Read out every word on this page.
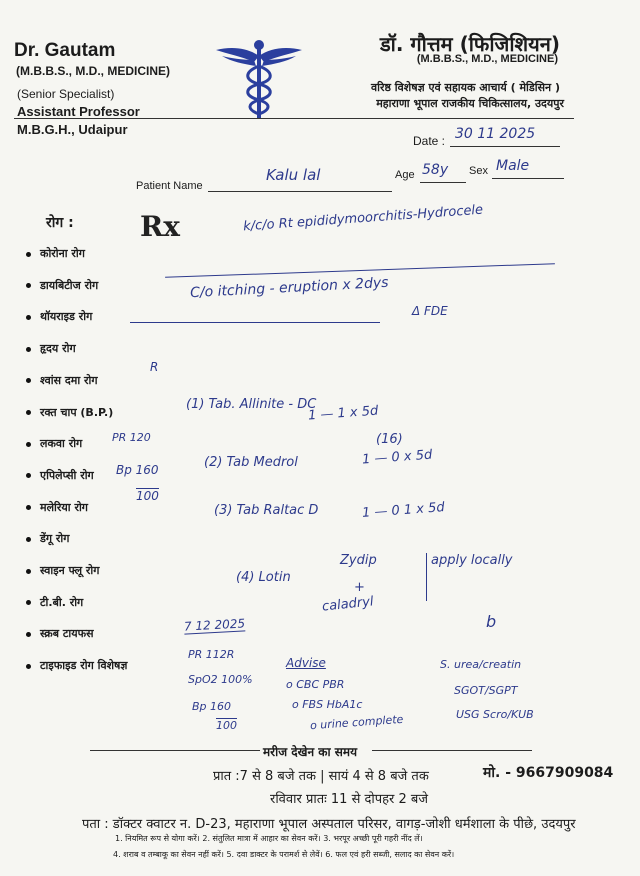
Dr. Gautam
(M.B.B.S., M.D., MEDICINE)
(Senior Specialist)
Assistant Professor
M.B.G.H., Udaipur
डॉ. गौत्तम (फिजिशियन)
(M.B.B.S., M.D., MEDICINE)
वरिष्ठ विशेषज्ञ एवं सहायक आचार्य ( मेडिसिन )
महाराणा भूपाल राजकीय चिकित्सालय, उदयपुर
Date : 30 11 2025
Patient Name
Kalu lal	Age 58y Sex Male
रोग :
कोरोना रोग
डायबिटीज रोग
थॉयराइड रोग
हृदय रोग
श्वांस दमा रोग
रक्त चाप (B.P.)
लकवा रोग
एपिलेप्सी रोग
मलेरिया रोग
डेंगू रोग
स्वाइन फ्लू रोग
टी.बी. रोग
स्क्रब टायफस
टाइफाइड रोग विशेषज्ञ
Rx	k/c/o Rt epididymoorchitis-Hydrocele
C/o itching - eruption x 2dys
Δ FDE
R
PR 120
Bp 160
100
(1) Tab. Allinite - DC
1 — 1 x 5d
(16)
(2) Tab Medrol	1 — 0 x 5d
(3) Tab Raltac D	1 — 0 1 x 5d
(4) Lotin
Zydip
+
caladryl
apply locally
b
7 12 2025
PR 112R
SpO2 100%
Bp 160
100
Advise
o CBC PBR
o FBS HbA1c
o urine complete
S. urea/creatin
SGOT/SGPT
USG Scro/KUB
मरीज देखेन का समय
प्रात :7 से 8 बजे तक | सायं 4 से 8 बजे तक
रविवार प्रातः 11 से दोपहर 2 बजे
मो. - 9667909084
पता : डॉक्टर क्वाटर न. D-23, महाराणा भूपाल अस्पताल परिसर, वागड़-जोशी धर्मशाला के पीछे, उदयपुर
1. नियमित रूप से योगा करें। 2. संतुलित मात्रा में आहार का सेवन करें। 3. भरपूर अच्छी पूरी गहरी नींद लें।
4. शराब व तम्बाकू का सेवन नहीं करें। 5. दवा डाक्टर के परामर्श से लेवें। 6. फल एवं हरी सब्जी, सलाद का सेवन करें।
